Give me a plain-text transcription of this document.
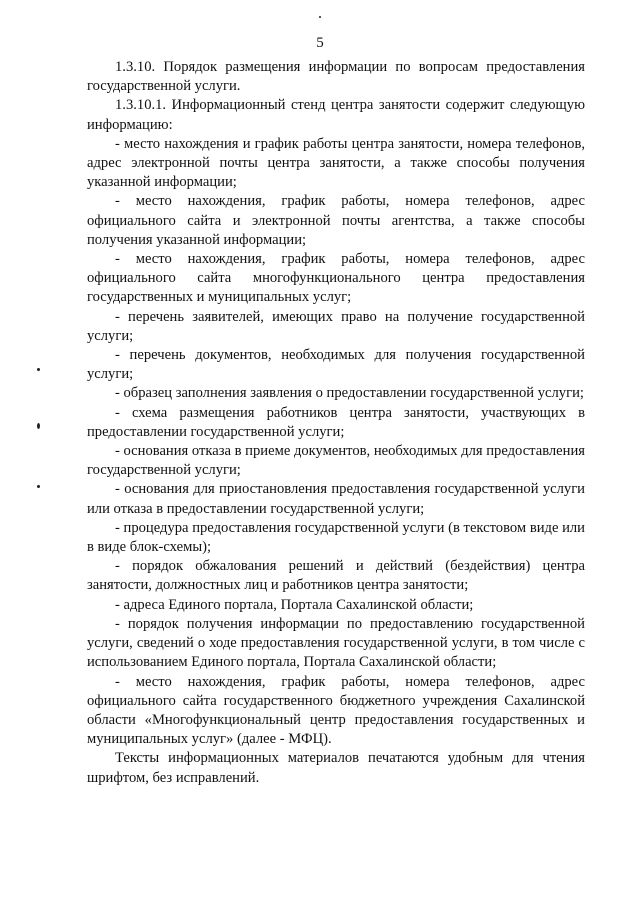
5

1.3.10. Порядок размещения информации по вопросам предоставления государственной услуги.

1.3.10.1. Информационный стенд центра занятости содержит следующую информацию:

- место нахождения и график работы центра занятости, номера телефонов, адрес электронной почты центра занятости, а также способы получения указанной информации;

- место нахождения, график работы, номера телефонов, адрес официального сайта и электронной почты агентства, а также способы получения указанной информации;

- место нахождения, график работы, номера телефонов, адрес официального сайта многофункционального центра предоставления государственных и муниципальных услуг;

- перечень заявителей, имеющих право на получение государственной услуги;

- перечень документов, необходимых для получения государственной услуги;

- образец заполнения заявления о предоставлении государственной услуги;

- схема размещения работников центра занятости, участвующих в предоставлении государственной услуги;

- основания отказа в приеме документов, необходимых для предоставления государственной услуги;

- основания для приостановления предоставления государственной услуги или отказа в предоставлении государственной услуги;

- процедура предоставления государственной услуги (в текстовом виде или в виде блок-схемы);

- порядок обжалования решений и действий (бездействия) центра занятости, должностных лиц и работников центра занятости;

- адреса Единого портала, Портала Сахалинской области;

- порядок получения информации по предоставлению государственной услуги, сведений о ходе предоставления государственной услуги, в том числе с использованием Единого портала, Портала Сахалинской области;

- место нахождения, график работы, номера телефонов, адрес официального сайта государственного бюджетного учреждения Сахалинской области «Многофункциональный центр предоставления государственных и муниципальных услуг» (далее - МФЦ).

Тексты информационных материалов печатаются удобным для чтения шрифтом, без исправлений.
